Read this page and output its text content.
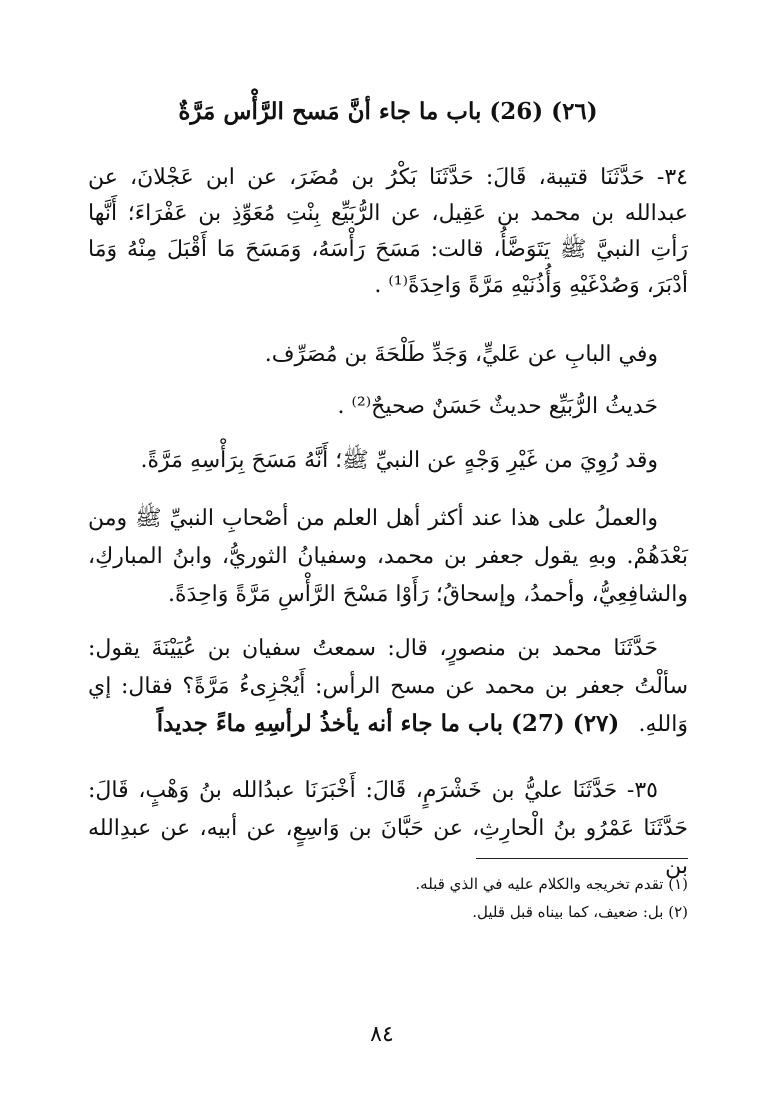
(٢٦) (26) باب ما جاء أنَّ مَسح الرَّأْس مَرَّةٌ
٣٤- حَدَّثَنَا قتيبة، قَالَ: حَدَّثَنَا بَكْرُ بن مُضَرَ، عن ابن عَجْلانَ، عن عبدالله بن محمد بن عَقِيل، عن الرُّبَيِّع بِنْتِ مُعَوِّذِ بن عَفْرَاءَ؛ أَنَّها رَأتِ النبيَّ ﷺ يَتَوَضَّأُ، قالت: مَسَحَ رَأْسَهُ، وَمَسَحَ مَا أَقْبَلَ مِنْهُ وَمَا أدْبَرَ، وَصُدْغَيْهِ وَأُذُنَيْهِ مَرَّةً وَاحِدَةً⁽¹⁾ .
وفي البابِ عن عَليٍّ، وَجَدِّ طَلْحَةَ بن مُصَرِّف.
حَديثُ الرُّبَيِّع حديثٌ حَسَنٌ صحيحٌ⁽²⁾ .
وقد رُوِيَ من غَيْرِ وَجْهٍ عن النبيِّ ﷺ؛ أَنَّهُ مَسَحَ بِرَأْسِهِ مَرَّةً.
والعملُ على هذا عند أكثر أهل العلم من أصْحابِ النبيِّ ﷺ ومن بَعْدَهُمْ. وبهِ يقول جعفر بن محمد، وسفيانُ الثوريُّ، وابنُ المباركِ، والشافِعِيُّ، وأحمدُ، وإسحاقُ؛ رَأَوْا مَسْحَ الرَّأْسِ مَرَّةً وَاحِدَةً.
حَدَّثَنَا محمد بن منصورٍ، قال: سمعتُ سفيان بن عُيَيْنَةَ يقول: سألْتُ جعفر بن محمد عن مسح الرأس: أَيُجْزِىءُ مَرَّةً؟ فقال: إي وَاللهِ.
(٢٧) (27) باب ما جاء أنه يأخذُ لرأسِهِ ماءً جديداً
٣٥- حَدَّثَنَا عليُّ بن خَشْرَمٍ، قَالَ: أَخْبَرَنَا عبدُالله بنُ وَهْبٍ، قَالَ: حَدَّثَنَا عَمْرُو بنُ الْحارِثِ، عن حَبَّانَ بن وَاسِعٍ، عن أبيه، عن عبدِالله بن
(١) تقدم تخريجه والكلام عليه في الذي قبله.
(٢) بل: ضعيف، كما بيناه قبل قليل.
٨٤
